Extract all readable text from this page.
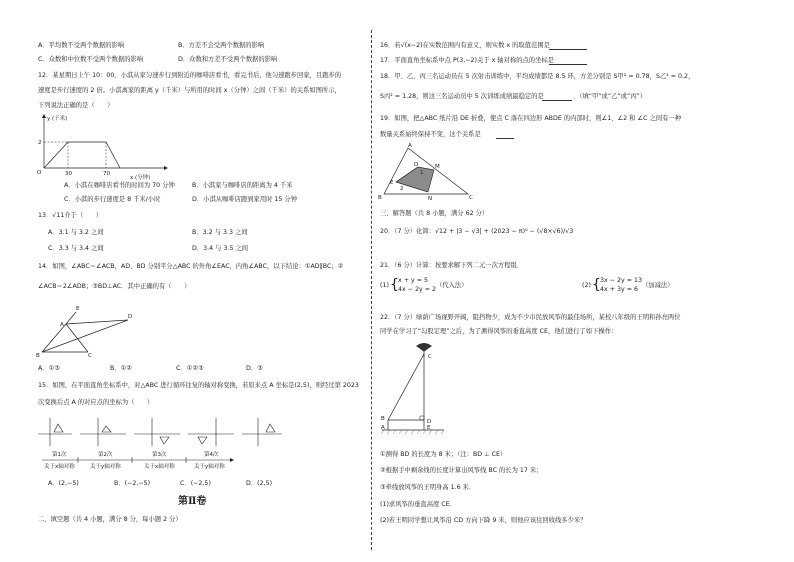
A．平均数不受两个数据的影响	B．方差不会受两个数据的影响
C．众数和中位数不受两个数据的影响	D．众数和方差不受两个数据的影响
12．某星期日上午 10：00，小淇从家匀速步行到附近的咖啡店看书，看完书后，他匀速跑步回家，且跑步的
速度是步行速度的 2 倍。小淇离家的距离 y（千米）与所用的时间 x（分钟）之间（千米）的关系如图所示，
下列说法正确的是（　　）
y (千米)
2
O	30	70
x (分钟)
A．小淇在咖啡店看书的时间为 70 分钟	B．小淇家与咖啡店的距离为 4 千米
C．小淇的步行速度是 8 千米/小时	D．小淇从咖啡店跑到家用时 15 分钟
13．√11介于（　　）
A．3.1 与 3.2 之间	B．3.2 与 3.3 之间
C．3.3 与 3.4 之间	D．3.4 与 3.5 之间
14．如图，∠ABC＝∠ACB，AD、BD 分别平分△ABC 的外角∠EAC，内角∠ABC，以下结论：①AD∥BC；②
∠ACB＝2∠ADB；③BD⊥AC．其中正确的有（　　）
D
E
A
B	C
A．①③	B．①②	C．①②③	D．③
15．如图，在平面直角坐标系中，对△ABC 进行循环往复的轴对称变换，若原来点 A 坐标是(2,5)，则经过第 2023
次变换后点 A 的对应点的坐标为（　　）
第1次
关于x轴对称
第2次
关于y轴对称
第3次
关于x轴对称
第4次
关于y轴对称
A．(2,−5)	B．(−2,−5)	C．(−2,5)	D．(2,5)
第Ⅱ卷
二、填空题（共 4 小题，满分 8 分，每小题 2 分）
16．若√(x−2)在实数范围内有意义，则实数 x 的取值范围是
17．平面直角坐标系中点 P(3,−2)关于 x 轴对称的点的坐标是
18．甲、乙、丙三名运动员在 5 次射击训练中，平均成绩都是 8.5 环，方差分别是 S甲² = 0.78，S乙² = 0.2，
S丙² = 1.28，则这三名运动员中 5 次训练成绩最稳定的是	．（填“甲”或“乙”或“丙”）
19．如图，把△ABC 纸片沿 DE 折叠，使点 C 落在四边形 ABDE 的内部时，则∠1、∠2 和 ∠C 之间有一种
数量关系始终保持不变，这个关系是
A
B	C
D
E
M
N
1
2
三、解答题（共 8 小题，满分 62 分）
20．（7 分）化简：√12 + |3 − √3| + (2023 − π)⁰ − (√8×√6)/√3
21．（6 分）计算：按要求解下列二元一次方程组．
(1) { x + y = 5
4x − 2y = 2
（代入法）	(2) { 3x − 2y = 13
4x + 3y = 6
（加减法）
22．（7 分）绿荫广场视野开阔，阻挡物少，成为不少市民放风筝的最佳场所，某校八年级的王明和孙亮两位
同学在学习了“勾股定理”之后，为了测得风筝的垂直高度 CE，他们进行了如下操作：
C
B
A
D
E
①测得 BD 的长度为 8 米；（注：BD ⊥ CE）
②根据手中剩余线的长度计算出风筝线 BC 的长为 17 米；
③牵线放风筝的王明身高 1.6 米．
(1)求风筝的垂直高度 CE．
(2)若王明同学想让风筝沿 CD 方向下降 9 米，则他应该往回收线多少米？
